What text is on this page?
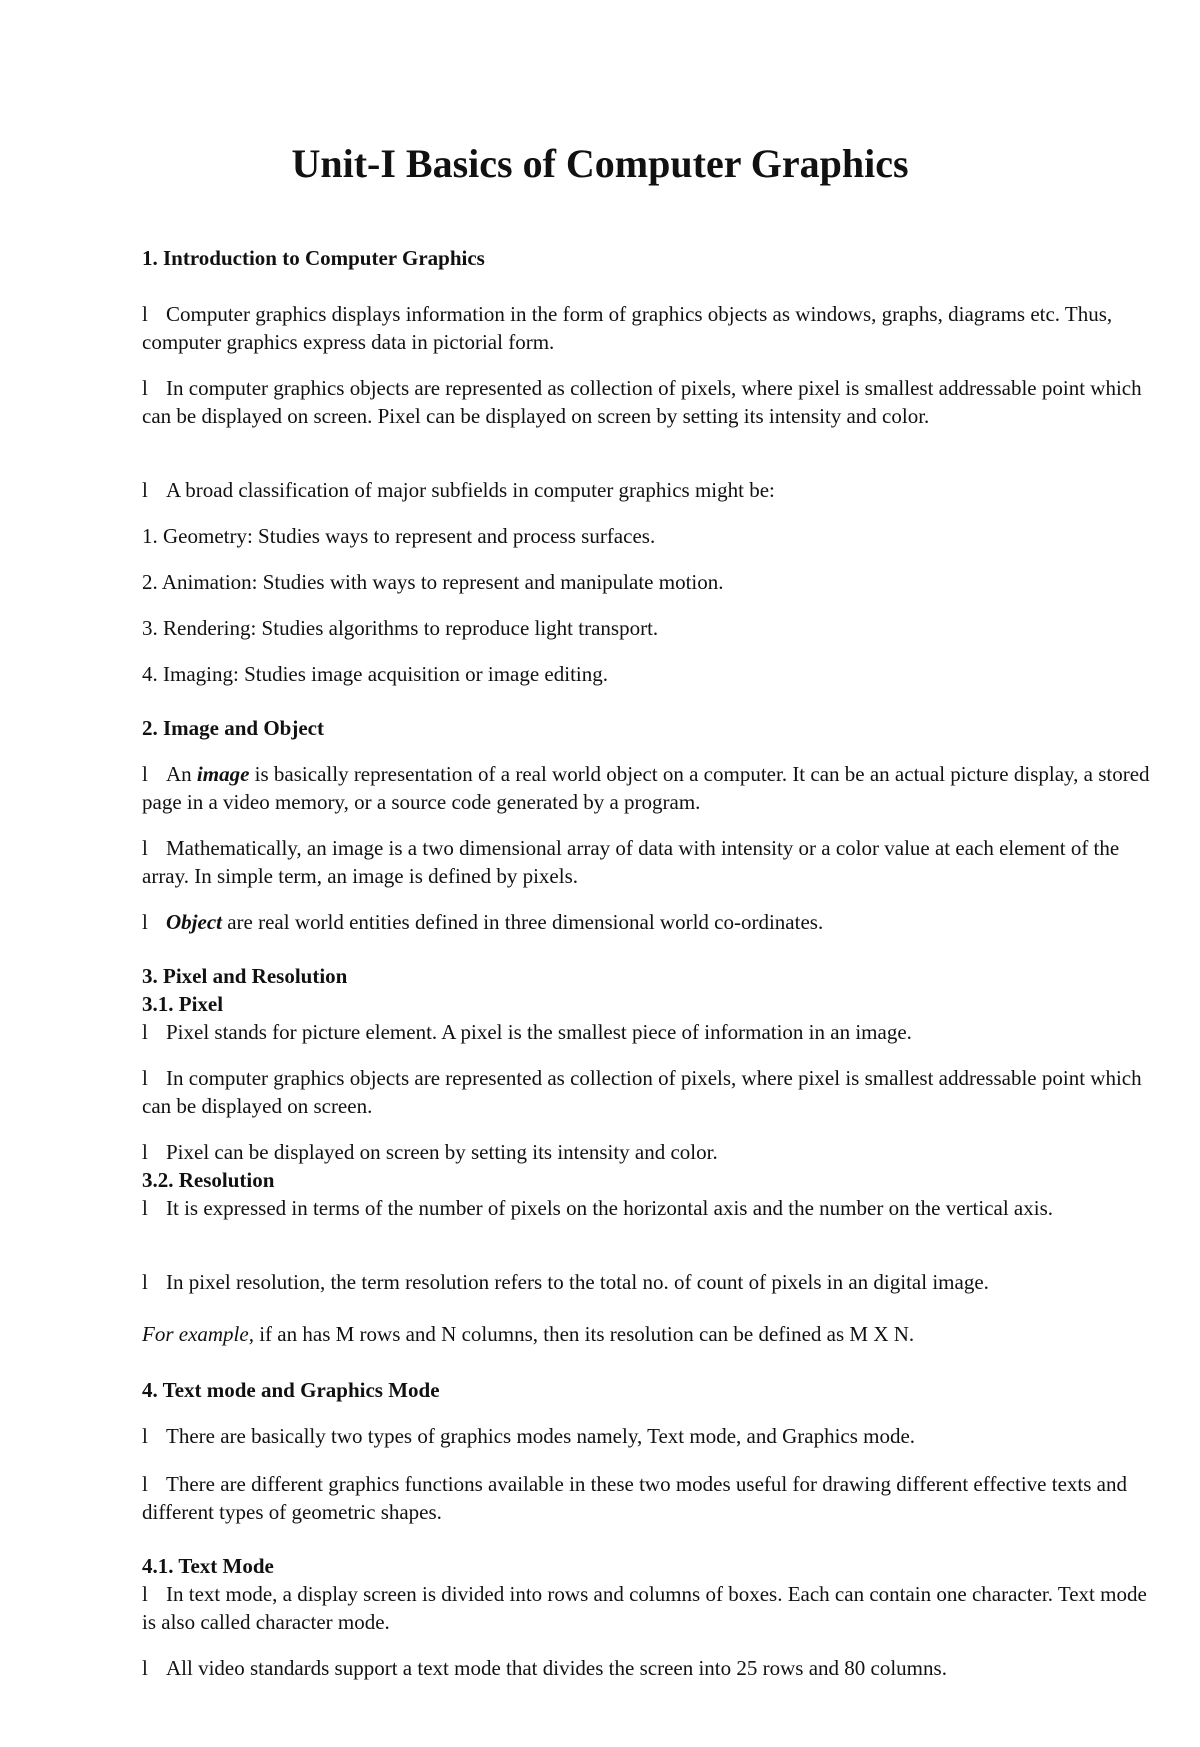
Unit-I Basics of Computer Graphics

1. Introduction to Computer Graphics

l Computer graphics displays information in the form of graphics objects as windows, graphs, diagrams etc. Thus, computer graphics express data in pictorial form.

l In computer graphics objects are represented as collection of pixels, where pixel is smallest addressable point which can be displayed on screen. Pixel can be displayed on screen by setting its intensity and color.

l A broad classification of major subfields in computer graphics might be:

1. Geometry: Studies ways to represent and process surfaces.

2. Animation: Studies with ways to represent and manipulate motion.

3. Rendering: Studies algorithms to reproduce light transport.

4. Imaging: Studies image acquisition or image editing.

2. Image and Object

l An image is basically representation of a real world object on a computer. It can be an actual picture display, a stored page in a video memory, or a source code generated by a program.

l Mathematically, an image is a two dimensional array of data with intensity or a color value at each element of the array. In simple term, an image is defined by pixels.

l Object are real world entities defined in three dimensional world co-ordinates.

3. Pixel and Resolution

3.1. Pixel

l Pixel stands for picture element. A pixel is the smallest piece of information in an image.

l In computer graphics objects are represented as collection of pixels, where pixel is smallest addressable point which can be displayed on screen.

l Pixel can be displayed on screen by setting its intensity and color.

3.2. Resolution

l It is expressed in terms of the number of pixels on the horizontal axis and the number on the vertical axis.

l In pixel resolution, the term resolution refers to the total no. of count of pixels in an digital image.

For example, if an has M rows and N columns, then its resolution can be defined as M X N.

4. Text mode and Graphics Mode

l There are basically two types of graphics modes namely, Text mode, and Graphics mode.

l There are different graphics functions available in these two modes useful for drawing different effective texts and different types of geometric shapes.

4.1. Text Mode

l In text mode, a display screen is divided into rows and columns of boxes. Each can contain one character. Text mode is also called character mode.

l All video standards support a text mode that divides the screen into 25 rows and 80 columns.
